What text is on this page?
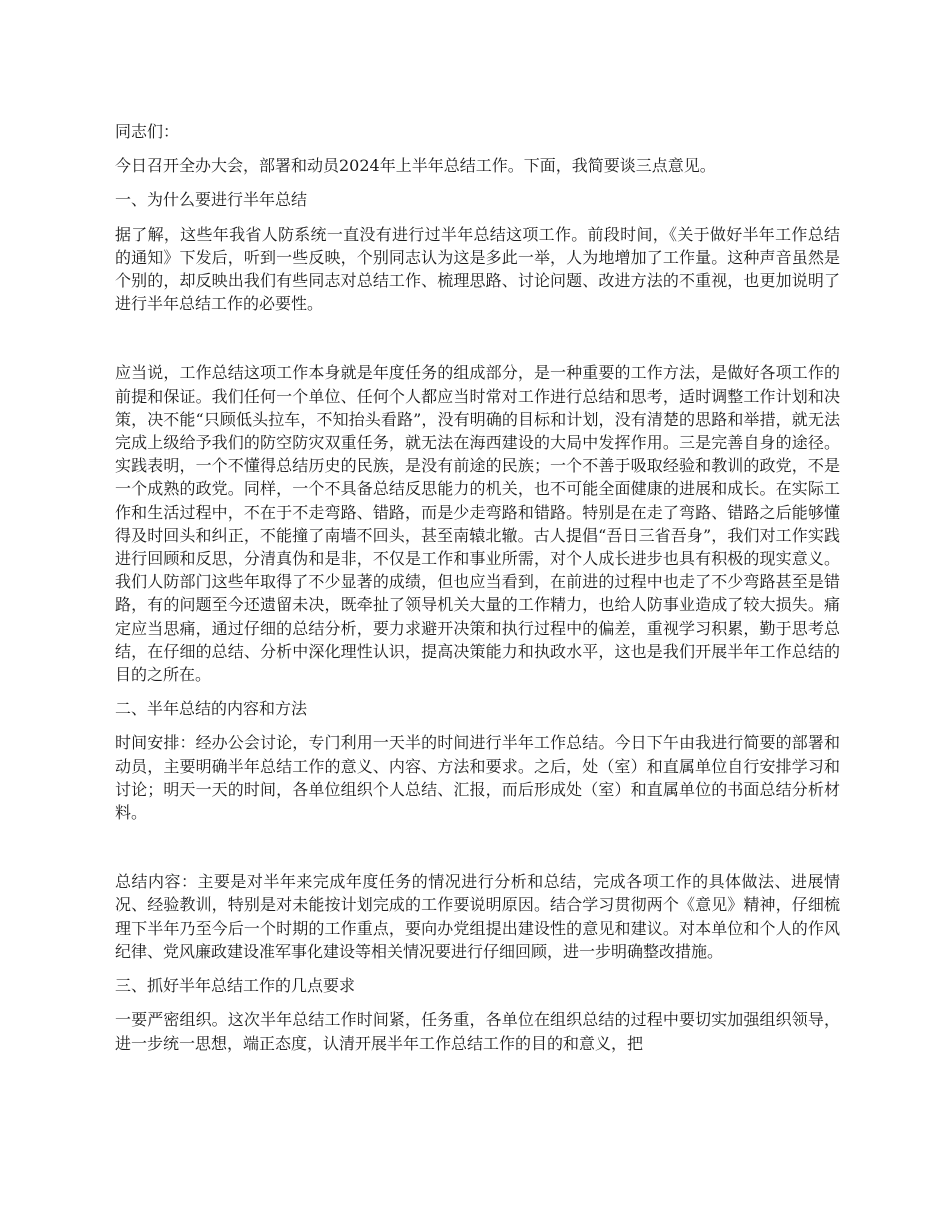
同志们：

今日召开全办大会，部署和动员2024年上半年总结工作。下面，我简要谈三点意见。

一、为什么要进行半年总结

据了解，这些年我省人防系统一直没有进行过半年总结这项工作。前段时间，《关于做好半年工作总结的通知》下发后，听到一些反映，个别同志认为这是多此一举，人为地增加了工作量。这种声音虽然是个别的，却反映出我们有些同志对总结工作、梳理思路、讨论问题、改进方法的不重视，也更加说明了进行半年总结工作的必要性。

应当说，工作总结这项工作本身就是年度任务的组成部分，是一种重要的工作方法，是做好各项工作的前提和保证。我们任何一个单位、任何个人都应当时常对工作进行总结和思考，适时调整工作计划和决策，决不能“只顾低头拉车，不知抬头看路”，没有明确的目标和计划，没有清楚的思路和举措，就无法完成上级给予我们的防空防灾双重任务，就无法在海西建设的大局中发挥作用。三是完善自身的途径。实践表明，一个不懂得总结历史的民族，是没有前途的民族；一个不善于吸取经验和教训的政党，不是一个成熟的政党。同样，一个不具备总结反思能力的机关，也不可能全面健康的进展和成长。在实际工作和生活过程中，不在于不走弯路、错路，而是少走弯路和错路。特别是在走了弯路、错路之后能够懂得及时回头和纠正，不能撞了南墙不回头，甚至南辕北辙。古人提倡“吾日三省吾身”，我们对工作实践进行回顾和反思，分清真伪和是非，不仅是工作和事业所需，对个人成长进步也具有积极的现实意义。我们人防部门这些年取得了不少显著的成绩，但也应当看到，在前进的过程中也走了不少弯路甚至是错路，有的问题至今还遗留未决，既牵扯了领导机关大量的工作精力，也给人防事业造成了较大损失。痛定应当思痛，通过仔细的总结分析，要力求避开决策和执行过程中的偏差，重视学习积累，勤于思考总结，在仔细的总结、分析中深化理性认识，提高决策能力和执政水平，这也是我们开展半年工作总结的目的之所在。

二、半年总结的内容和方法

时间安排：经办公会讨论，专门利用一天半的时间进行半年工作总结。今日下午由我进行简要的部署和动员，主要明确半年总结工作的意义、内容、方法和要求。之后，处（室）和直属单位自行安排学习和讨论；明天一天的时间，各单位组织个人总结、汇报，而后形成处（室）和直属单位的书面总结分析材料。

总结内容：主要是对半年来完成年度任务的情况进行分析和总结，完成各项工作的具体做法、进展情况、经验教训，特别是对未能按计划完成的工作要说明原因。结合学习贯彻两个《意见》精神，仔细梳理下半年乃至今后一个时期的工作重点，要向办党组提出建设性的意见和建议。对本单位和个人的作风纪律、党风廉政建设准军事化建设等相关情况要进行仔细回顾，进一步明确整改措施。

三、抓好半年总结工作的几点要求

一要严密组织。这次半年总结工作时间紧，任务重，各单位在组织总结的过程中要切实加强组织领导，进一步统一思想，端正态度，认清开展半年工作总结工作的目的和意义，把
